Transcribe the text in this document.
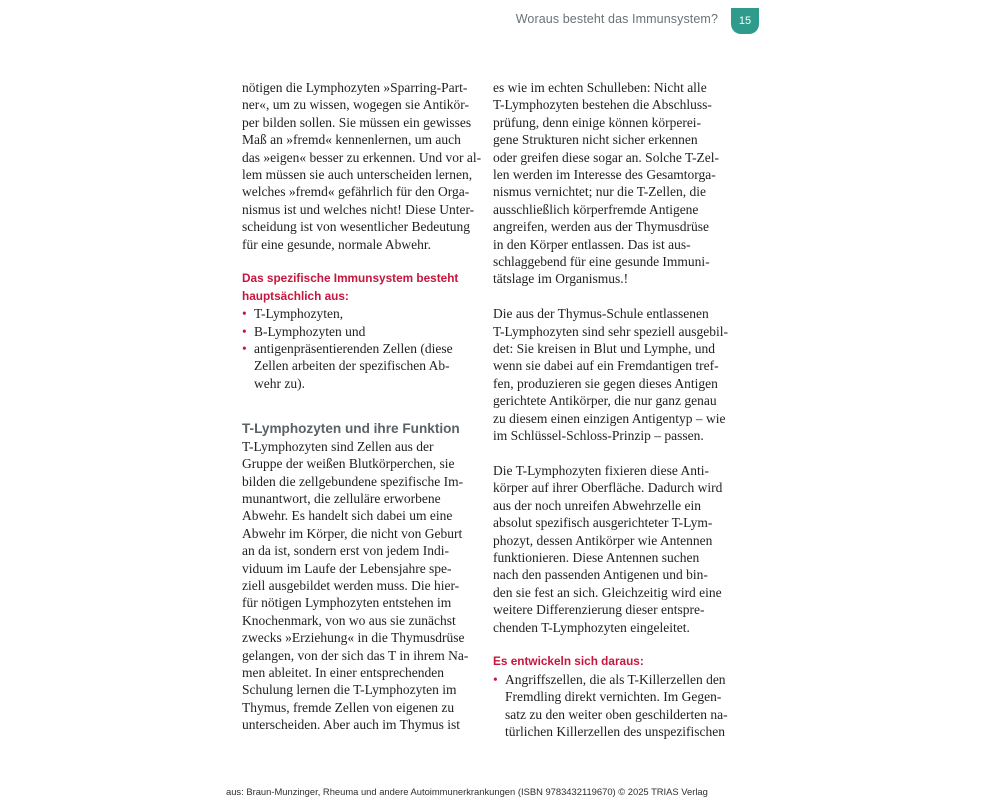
Woraus besteht das Immunsystem? 15

nötigen die Lymphozyten »Sparring-Part-
ner«, um zu wissen, wogegen sie Antikör-
per bilden sollen. Sie müssen ein gewisses
Maß an »fremd« kennenlernen, um auch
das »eigen« besser zu erkennen. Und vor al-
lem müssen sie auch unterscheiden lernen,
welches »fremd« gefährlich für den Orga-
nismus ist und welches nicht! Diese Unter-
scheidung ist von wesentlicher Bedeutung
für eine gesunde, normale Abwehr.

Das spezifische Immunsystem besteht
hauptsächlich aus:
• T-Lymphozyten,
• B-Lymphozyten und
• antigenpräsentierenden Zellen (diese
Zellen arbeiten der spezifischen Ab-
wehr zu).
T-Lymphozyten und ihre Funktion

T-Lymphozyten sind Zellen aus der
Gruppe der weißen Blutkörperchen, sie
bilden die zellgebundene spezifische Im-
munantwort, die zelluläre erworbene
Abwehr. Es handelt sich dabei um eine
Abwehr im Körper, die nicht von Geburt
an da ist, sondern erst von jedem Indi-
viduum im Laufe der Lebensjahre spe-
ziell ausgebildet werden muss. Die hier-
für nötigen Lymphozyten entstehen im
Knochenmark, von wo aus sie zunächst
zwecks »Erziehung« in die Thymusdrüse
gelangen, von der sich das T in ihrem Na-
men ableitet. In einer entsprechenden
Schulung lernen die T-Lymphozyten im
Thymus, fremde Zellen von eigenen zu
unterscheiden. Aber auch im Thymus ist

es wie im echten Schulleben: Nicht alle
T-Lymphozyten bestehen die Abschluss-
prüfung, denn einige können körperei-
gene Strukturen nicht sicher erkennen
oder greifen diese sogar an. Solche T-Zel-
len werden im Interesse des Gesamtorga-
nismus vernichtet; nur die T-Zellen, die
ausschließlich körperfremde Antigene
angreifen, werden aus der Thymusdrüse
in den Körper entlassen. Das ist aus-
schlaggebend für eine gesunde Immuni-
tätslage im Organismus.!

Die aus der Thymus-Schule entlassenen
T-Lymphozyten sind sehr speziell ausgebil-
det: Sie kreisen in Blut und Lymphe, und
wenn sie dabei auf ein Fremdantigen tref-
fen, produzieren sie gegen dieses Antigen
gerichtete Antikörper, die nur ganz genau
zu diesem einen einzigen Antigentyp – wie
im Schlüssel-Schloss-Prinzip – passen.

Die T-Lymphozyten fixieren diese Anti-
körper auf ihrer Oberfläche. Dadurch wird
aus der noch unreifen Abwehrzelle ein
absolut spezifisch ausgerichteter T-Lym-
phozyt, dessen Antikörper wie Antennen
funktionieren. Diese Antennen suchen
nach den passenden Antigenen und bin-
den sie fest an sich. Gleichzeitig wird eine
weitere Differenzierung dieser entspre-
chenden T-Lymphozyten eingeleitet.

Es entwickeln sich daraus:
• Angriffszellen, die als T-Killerzellen den
Fremdling direkt vernichten. Im Gegen-
satz zu den weiter oben geschilderten na-
türlichen Killerzellen des unspezifischen
aus: Braun-Munzinger, Rheuma und andere Autoimmunerkrankungen (ISBN 9783432119670) © 2025 TRIAS Verlag
